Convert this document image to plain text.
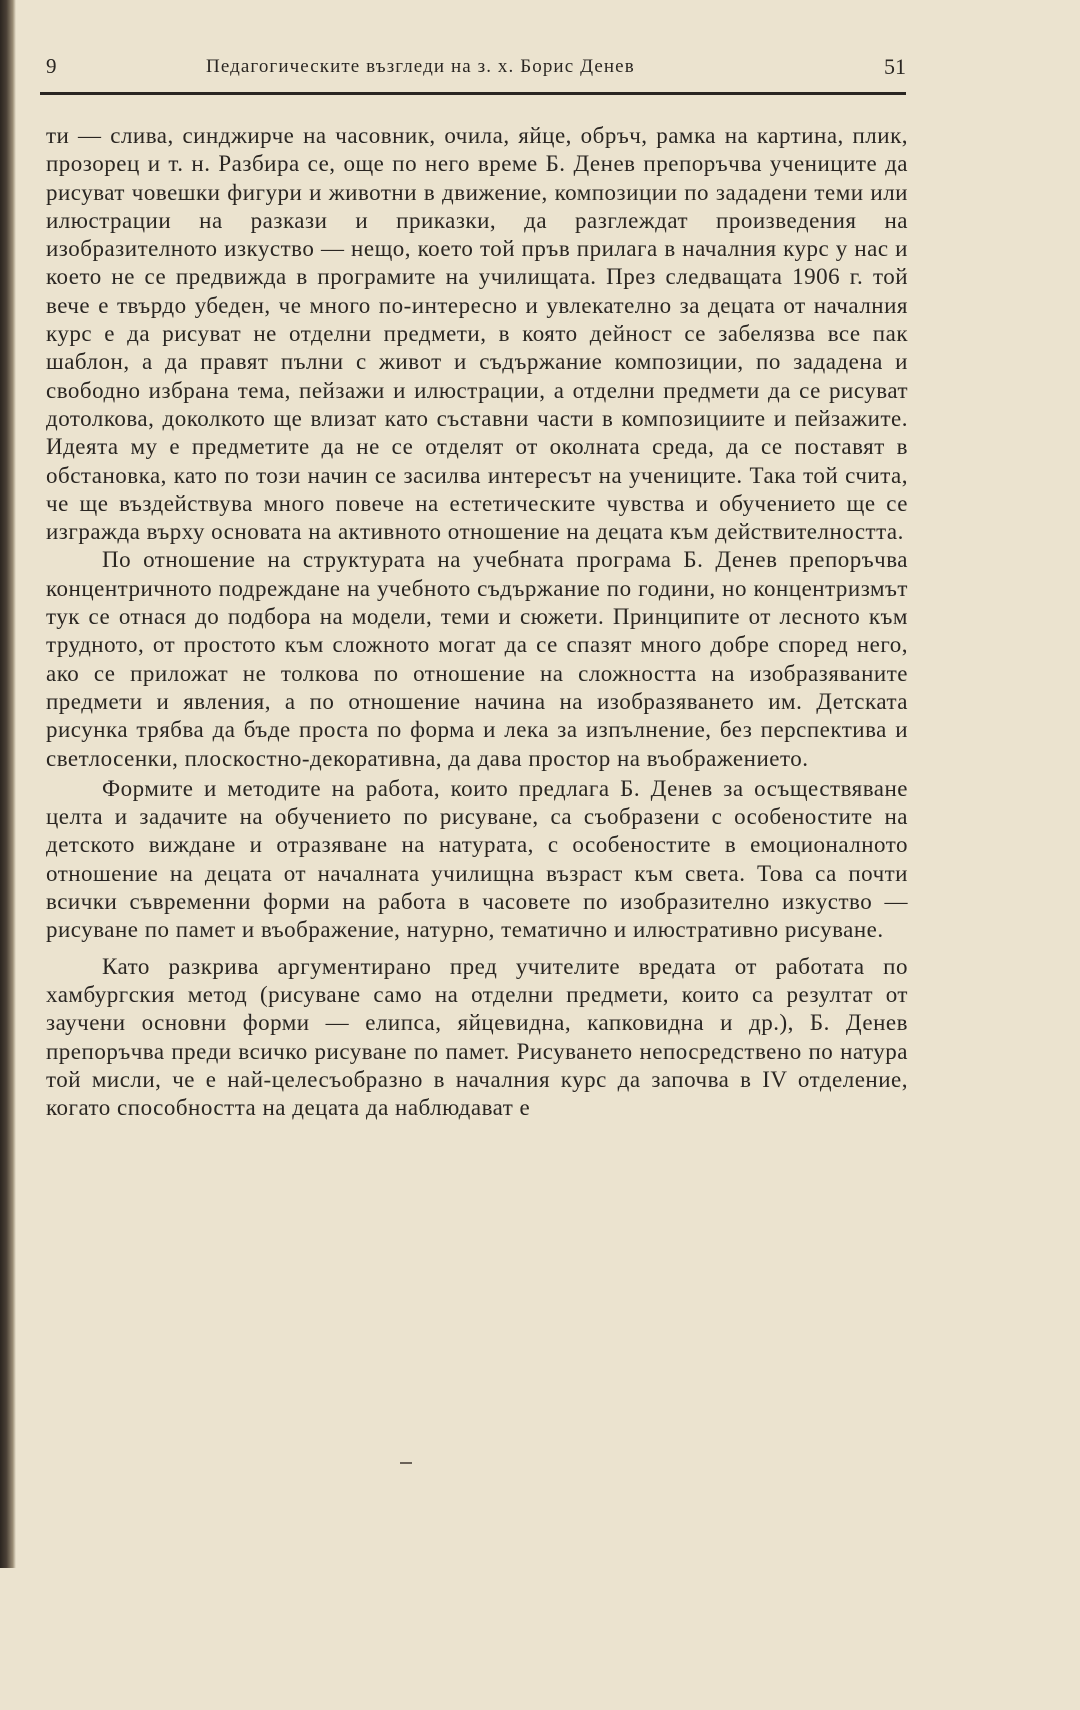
9	Педагогическите възгледи на з. х. Борис Денев	51

ти — слива, синджирче на часовник, очила, яйце, обръч, рамка на картина, плик, прозорец и т. н. Разбира се, още по него време Б. Денев препоръчва учениците да рисуват човешки фигури и животни в движение, композиции по зададени теми или илюстрации на разкази и приказки, да разглеждат произведения на изобразителното изкуство — нещо, което той пръв прилага в началния курс у нас и което не се предвижда в програмите на училищата. През следващата 1906 г. той вече е твърдо убеден, че много по-интересно и увлекателно за децата от началния курс е да рисуват не отделни предмети, в която дейност се забелязва все пак шаблон, а да правят пълни с живот и съдържание композиции, по зададена и свободно избрана тема, пейзажи и илюстрации, а отделни предмети да се рисуват дотолкова, доколкото ще влизат като съставни части в композициите и пейзажите. Идеята му е предметите да не се отделят от околната среда, да се поставят в обстановка, като по този начин се засилва интересът на учениците. Така той счита, че ще въздействува много повече на естетическите чувства и обучението ще се изгражда върху основата на активното отношение на децата към действителността.

По отношение на структурата на учебната програма Б. Денев препоръчва концентричното подреждане на учебното съдържание по години, но концентризмът тук се отнася до подбора на модели, теми и сюжети. Принципите от лесното към трудното, от простото към сложното могат да се спазят много добре според него, ако се приложат не толкова по отношение на сложността на изобразяваните предмети и явления, а по отношение начина на изобразяването им. Детската рисунка трябва да бъде проста по форма и лека за изпълнение, без перспектива и светлосенки, плоскостно-декоративна, да дава простор на въображението.

Формите и методите на работа, които предлага Б. Денев за осъществяване целта и задачите на обучението по рисуване, са съобразени с особеностите на детското виждане и отразяване на натурата, с особеностите в емоционалното отношение на децата от началната училищна възраст към света. Това са почти всички съвременни форми на работа в часовете по изобразително изкуство — рисуване по памет и въображение, натурно, тематично и илюстративно рисуване.

Като разкрива аргументирано пред учителите вредата от работата по хамбургския метод (рисуване само на отделни предмети, които са резултат от заучени основни форми — елипса, яйцевидна, капковидна и др.), Б. Денев препоръчва преди всичко рисуване по памет. Рисуването непосредствено по натура той мисли, че е най-целесъобразно в началния курс да започва в IV отделение, когато способността на децата да наблюдават е
